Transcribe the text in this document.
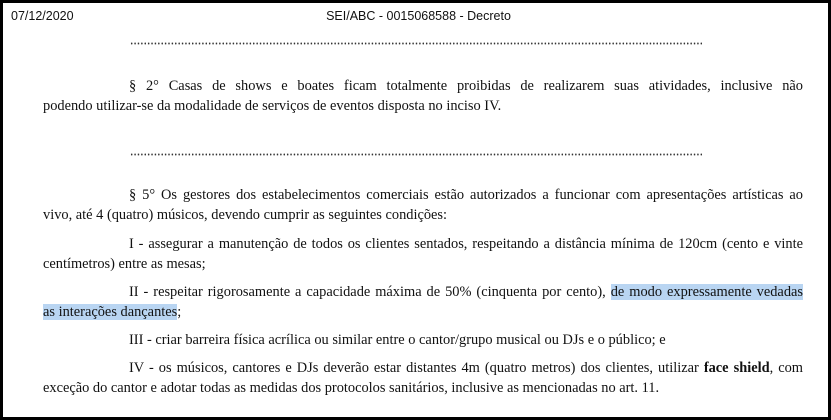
07/12/2020	SEI/ABC - 0015068588 - Decreto

§ 2° Casas de shows e boates ficam totalmente proibidas de realizarem suas atividades, inclusive não

podendo utilizar-se da modalidade de serviços de eventos disposta no inciso IV.

§ 5° Os gestores dos estabelecimentos comerciais estão autorizados a funcionar com apresentações artísticas ao

vivo, até 4 (quatro) músicos, devendo cumprir as seguintes condições:

I - assegurar a manutenção de todos os clientes sentados, respeitando a distância mínima de 120cm (cento e vinte

centímetros) entre as mesas;

II - respeitar rigorosamente a capacidade máxima de 50% (cinquenta por cento), de modo expressamente vedadas

as interações dançantes;

III - criar barreira física acrílica ou similar entre o cantor/grupo musical ou DJs e o público; e

IV - os músicos, cantores e DJs deverão estar distantes 4m (quatro metros) dos clientes, utilizar face shield, com

exceção do cantor e adotar todas as medidas dos protocolos sanitários, inclusive as mencionadas no art. 11.
